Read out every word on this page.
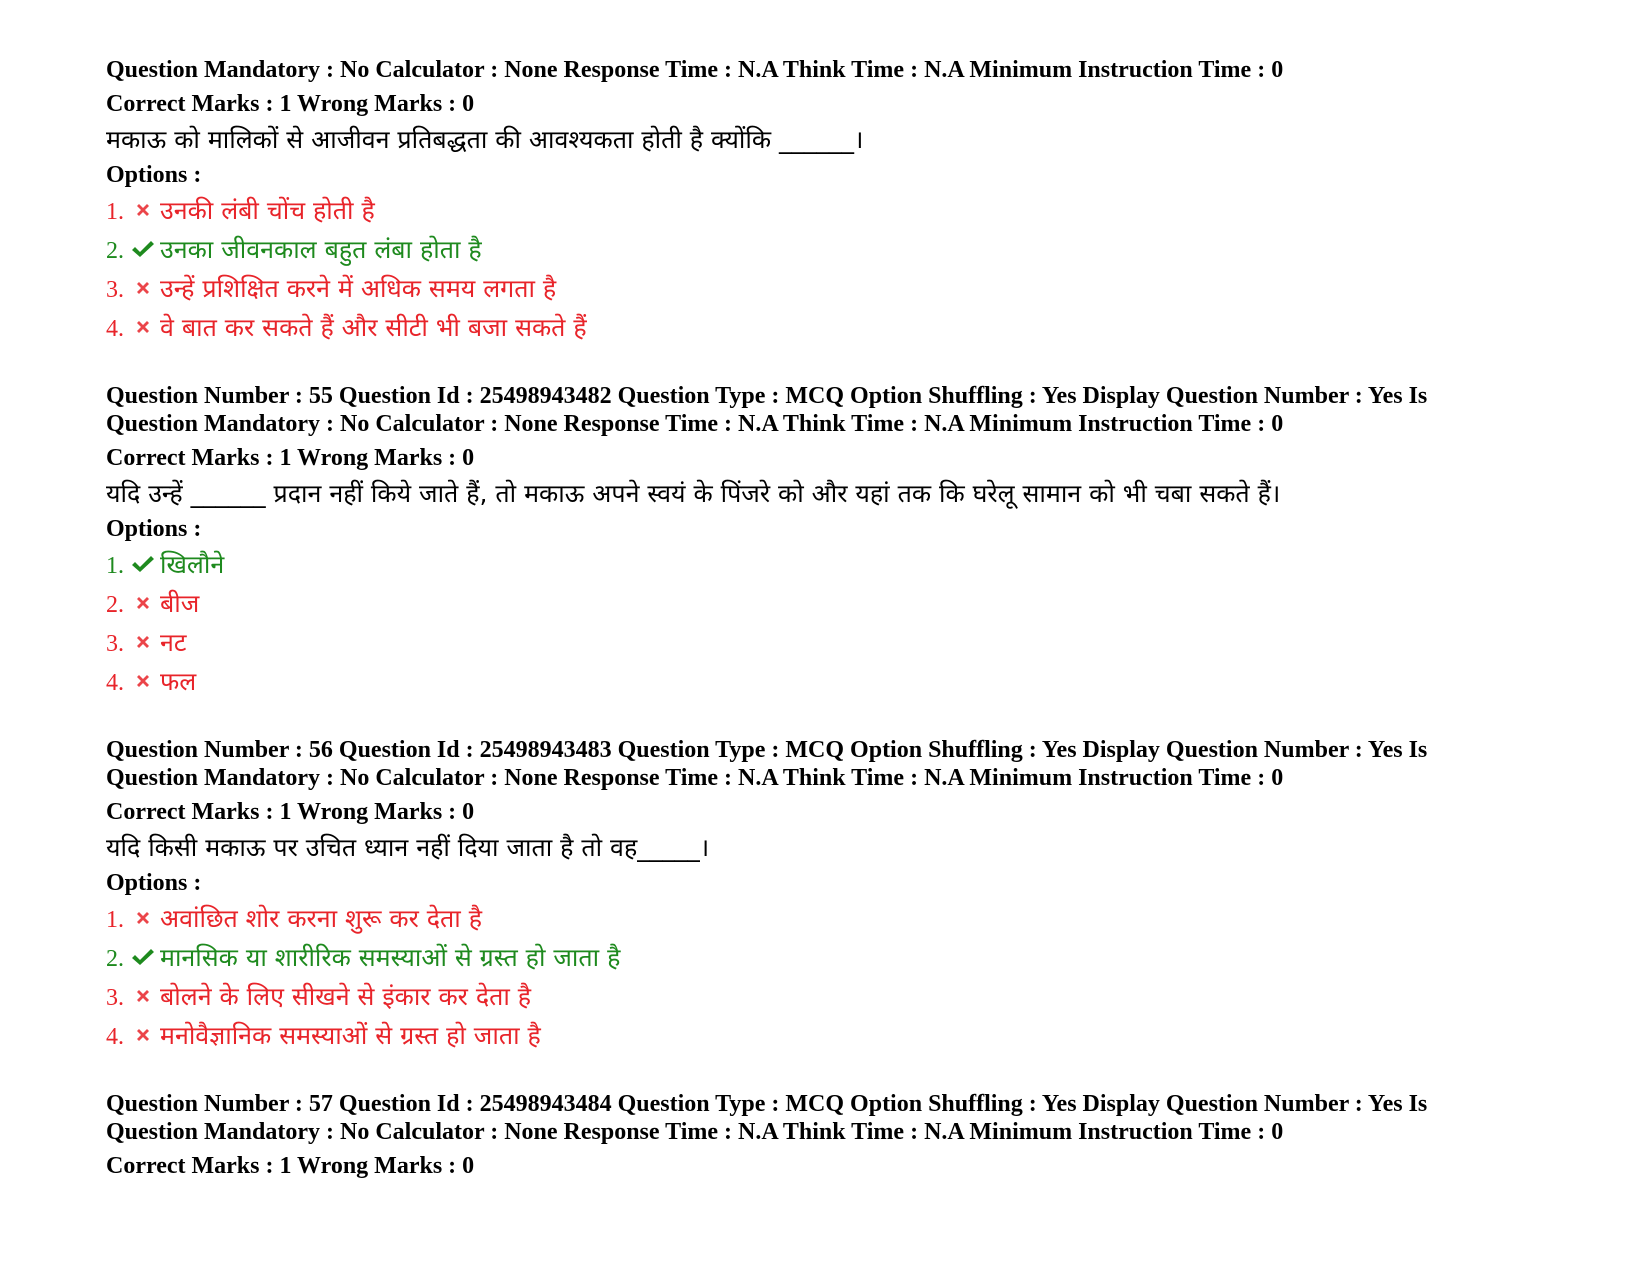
Question Mandatory : No Calculator : None Response Time : N.A Think Time : N.A Minimum Instruction Time : 0
Correct Marks : 1 Wrong Marks : 0
मकाऊ को मालिकों से आजीवन प्रतिबद्धता की आवश्यकता होती है क्योंकि ______।
Options :
1. उनकी लंबी चोंच होती है
2. उनका जीवनकाल बहुत लंबा होता है
3. उन्हें प्रशिक्षित करने में अधिक समय लगता है
4. वे बात कर सकते हैं और सीटी भी बजा सकते हैं
Question Number : 55 Question Id : 25498943482 Question Type : MCQ Option Shuffling : Yes Display Question Number : Yes Is
Question Mandatory : No Calculator : None Response Time : N.A Think Time : N.A Minimum Instruction Time : 0
Correct Marks : 1 Wrong Marks : 0
यदि उन्हें ______ प्रदान नहीं किये जाते हैं, तो मकाऊ अपने स्वयं के पिंजरे को और यहां तक कि घरेलू सामान को भी चबा सकते हैं।
Options :
1. खिलौने
2. बीज
3. नट
4. फल
Question Number : 56 Question Id : 25498943483 Question Type : MCQ Option Shuffling : Yes Display Question Number : Yes Is
Question Mandatory : No Calculator : None Response Time : N.A Think Time : N.A Minimum Instruction Time : 0
Correct Marks : 1 Wrong Marks : 0
यदि किसी मकाऊ पर उचित ध्यान नहीं दिया जाता है तो वह_____।
Options :
1. अवांछित शोर करना शुरू कर देता है
2. मानसिक या शारीरिक समस्याओं से ग्रस्त हो जाता है
3. बोलने के लिए सीखने से इंकार कर देता है
4. मनोवैज्ञानिक समस्याओं से ग्रस्त हो जाता है
Question Number : 57 Question Id : 25498943484 Question Type : MCQ Option Shuffling : Yes Display Question Number : Yes Is
Question Mandatory : No Calculator : None Response Time : N.A Think Time : N.A Minimum Instruction Time : 0
Correct Marks : 1 Wrong Marks : 0
